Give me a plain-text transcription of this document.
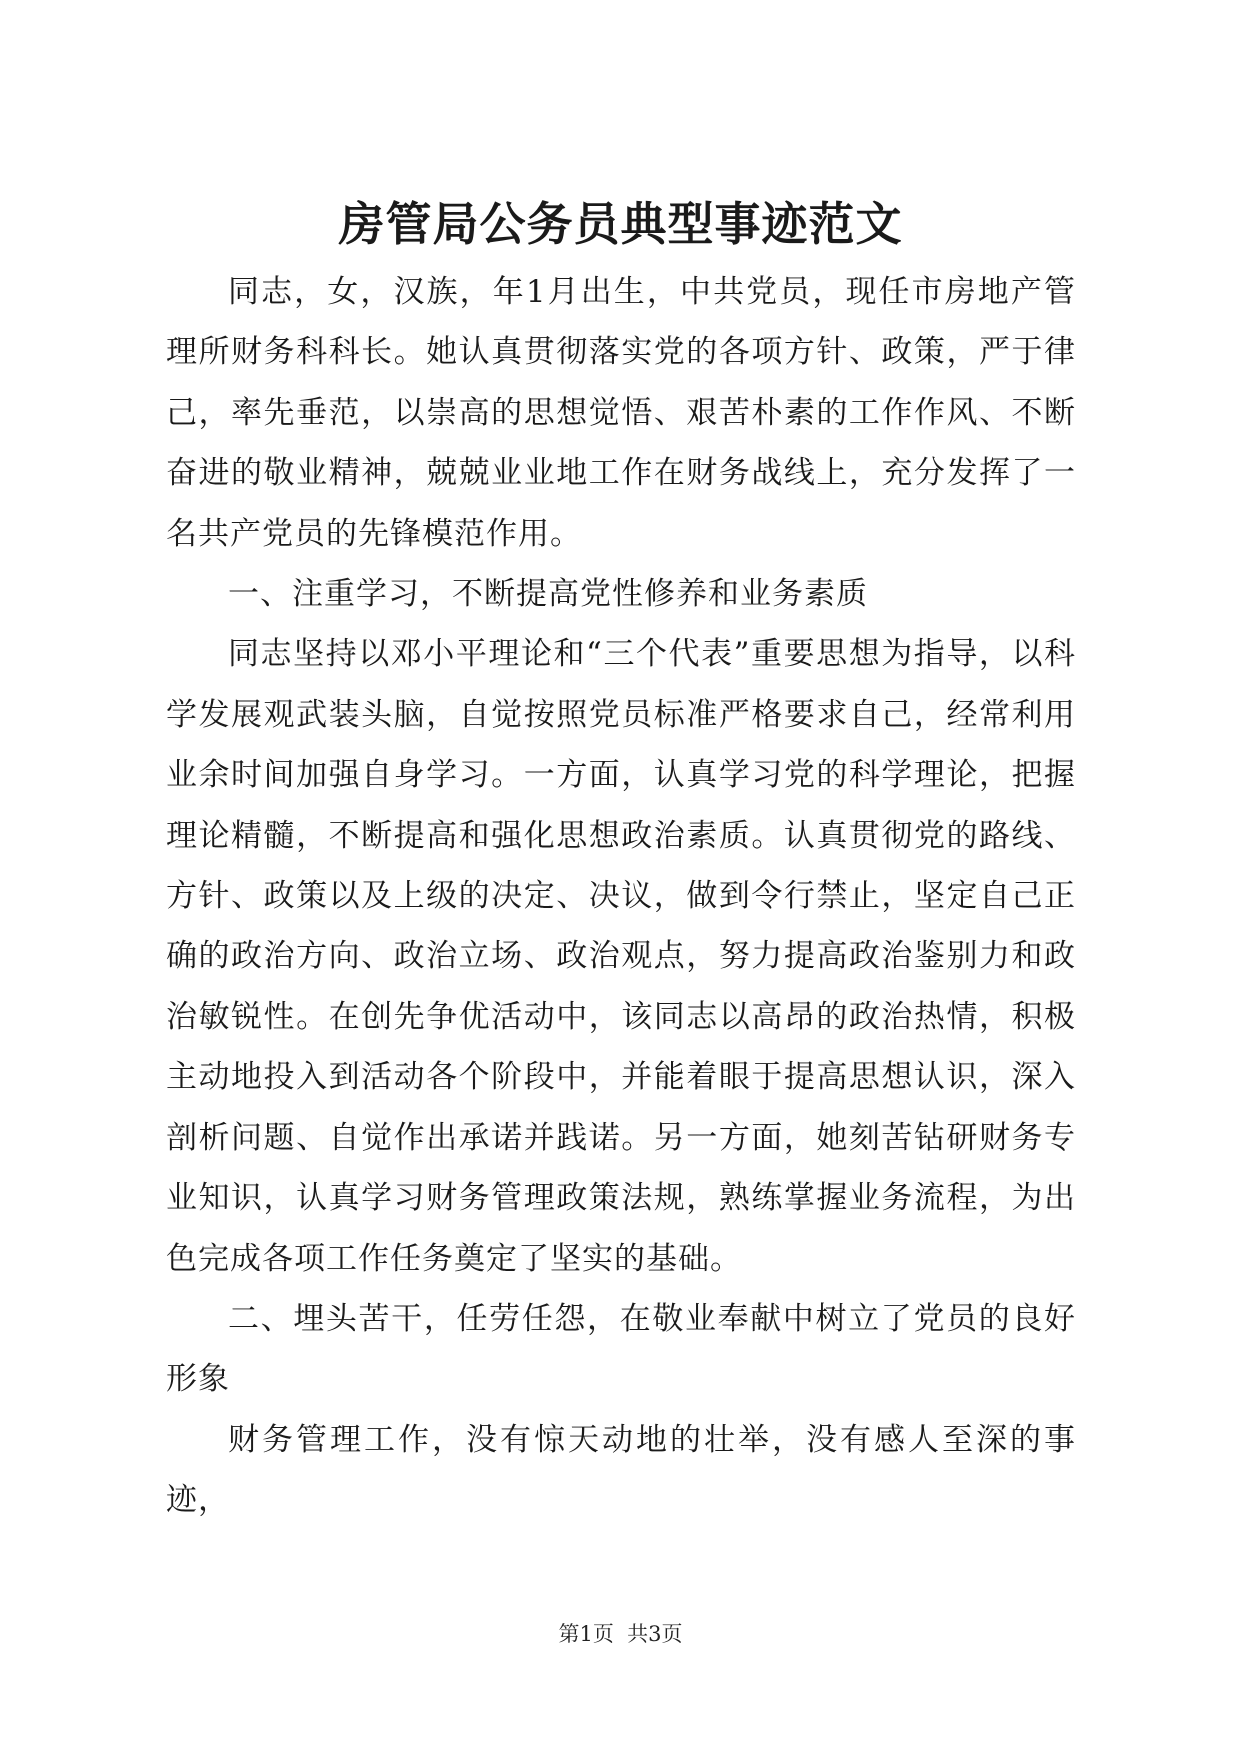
房管局公务员典型事迹范文

同志，女，汉族，年1月出生，中共党员，现任市房地产管理所财务科科长。她认真贯彻落实党的各项方针、政策，严于律己，率先垂范，以崇高的思想觉悟、艰苦朴素的工作作风、不断奋进的敬业精神，兢兢业业地工作在财务战线上，充分发挥了一名共产党员的先锋模范作用。

一、注重学习，不断提高党性修养和业务素质

同志坚持以邓小平理论和“三个代表”重要思想为指导，以科学发展观武装头脑，自觉按照党员标准严格要求自己，经常利用业余时间加强自身学习。一方面，认真学习党的科学理论，把握理论精髓，不断提高和强化思想政治素质。认真贯彻党的路线、方针、政策以及上级的决定、决议，做到令行禁止，坚定自己正确的政治方向、政治立场、政治观点，努力提高政治鉴别力和政治敏锐性。在创先争优活动中，该同志以高昂的政治热情，积极主动地投入到活动各个阶段中，并能着眼于提高思想认识，深入剖析问题、自觉作出承诺并践诺。另一方面，她刻苦钻研财务专业知识，认真学习财务管理政策法规，熟练掌握业务流程，为出色完成各项工作任务奠定了坚实的基础。

二、埋头苦干，任劳任怨，在敬业奉献中树立了党员的良好形象

财务管理工作，没有惊天动地的壮举，没有感人至深的事迹，

第1页  共3页
